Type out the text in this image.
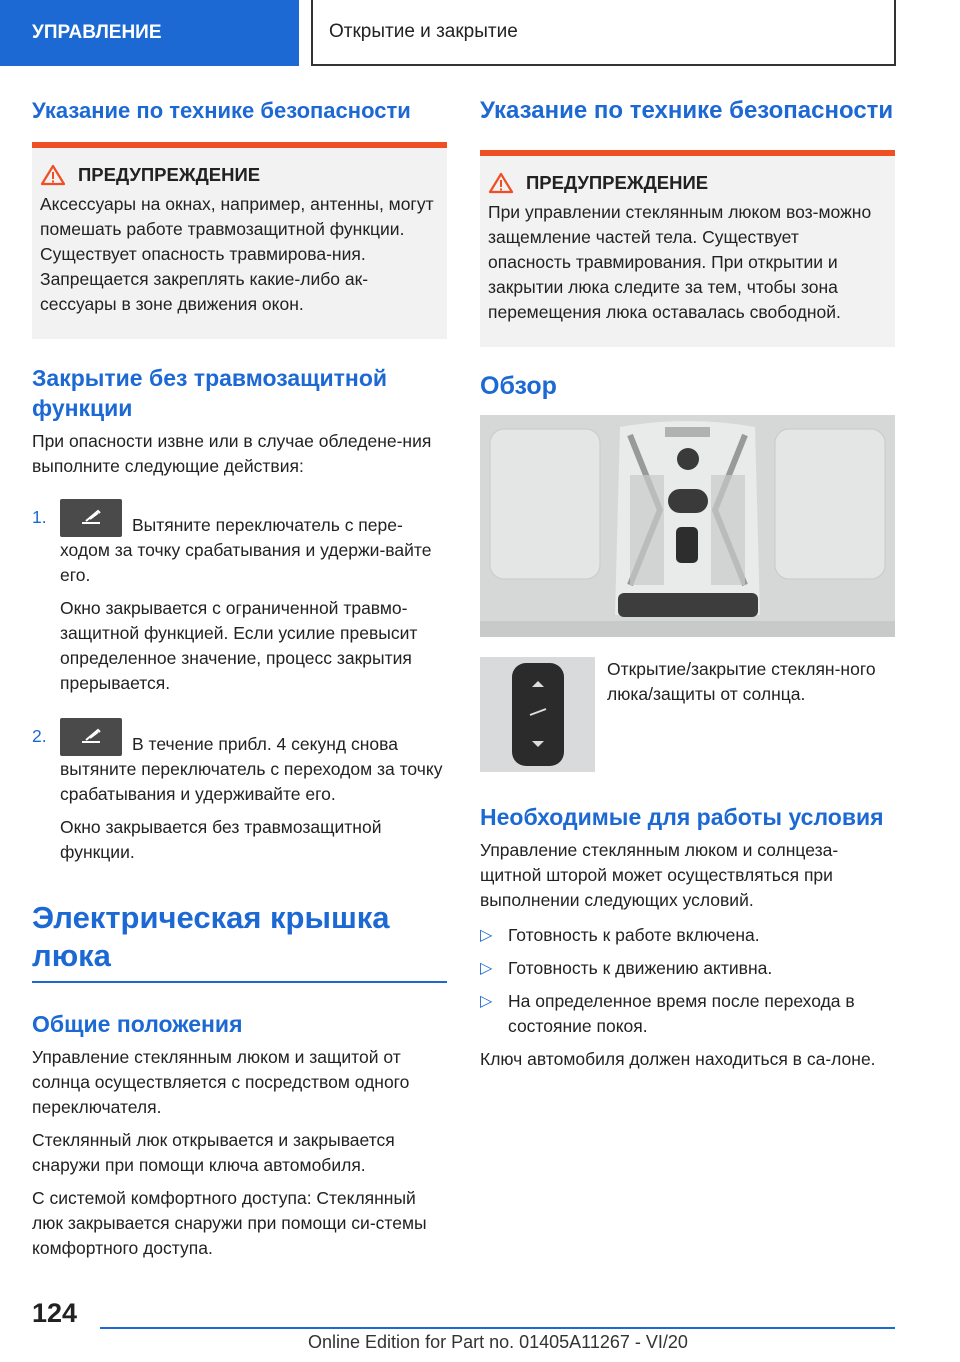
УПРАВЛЕНИЕ	Открытие и закрытие
Указание по технике безопасности
ПРЕДУПРЕЖДЕНИЕ

Аксессуары на окнах, например, антенны, могут помешать работе травмозащитной функции. Существует опасность травмирова-ния. Запрещается закреплять какие-либо ак-сессуары в зоне движения окон.

Закрытие без травмозащитной функции

При опасности извне или в случае обледене-ния выполните следующие действия:

1.	Вытяните переключатель с пере-ходом за точку срабатывания и удержи-вайте его.

Окно закрывается с ограниченной травмо-защитной функцией. Если усилие превысит определенное значение, процесс закрытия прерывается.

2.	В течение прибл. 4 секунд снова вытяните переключатель с переходом за точку срабатывания и удерживайте его.

Окно закрывается без травмозащитной функции.

Электрическая крышка люка
Общие положения

Управление стеклянным люком и защитой от солнца осуществляется с посредством одного переключателя.

Стеклянный люк открывается и закрывается снаружи при помощи ключа автомобиля.

С системой комфортного доступа: Стеклянный люк закрывается снаружи при помощи си-стемы комфортного доступа.

Указание по технике безопасности
ПРЕДУПРЕЖДЕНИЕ

При управлении стеклянным люком воз-можно защемление частей тела. Существует опасность травмирования. При открытии и закрытии люка следите за тем, чтобы зона перемещения люка оставалась свободной.

Обзор

Открытие/закрытие стеклян-ного люка/защиты от солнца.

Необходимые для работы условия

Управление стеклянным люком и солнцеза-щитной шторой может осуществляться при выполнении следующих условий.

▷ Готовность к работе включена.

▷ Готовность к движению активна.

▷ На определенное время после перехода в состояние покоя.

Ключ автомобиля должен находиться в са-лоне.

124
Online Edition for Part no. 01405A11267 - VI/20
